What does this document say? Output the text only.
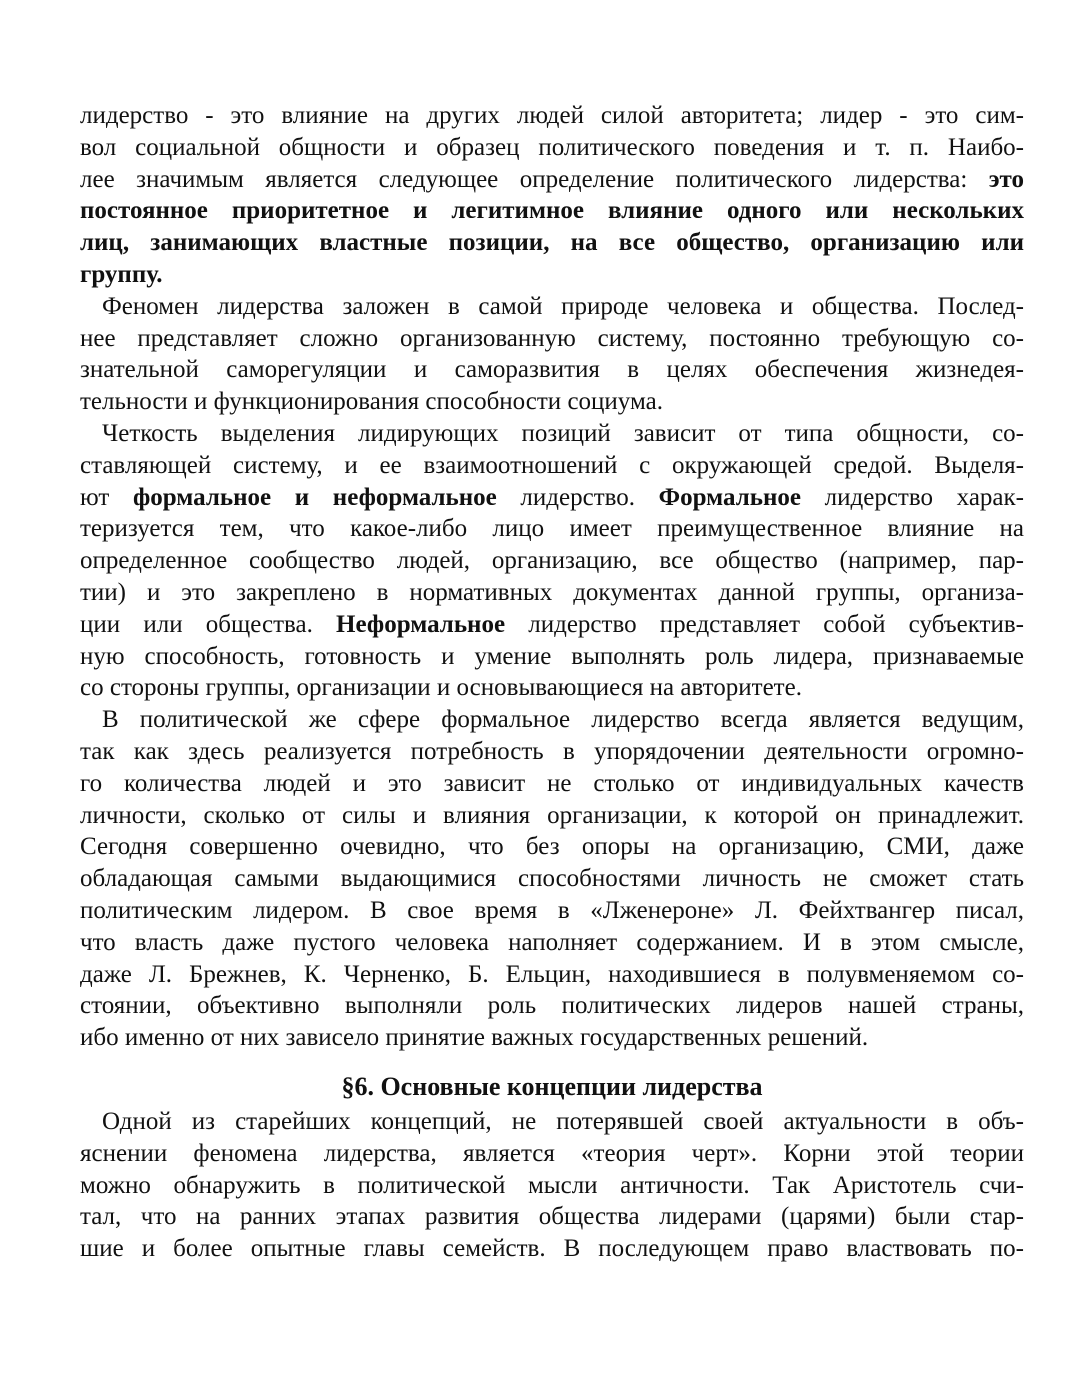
лидерство - это влияние на других людей силой авторитета; лидер - это сим-
вол социальной общности и образец политического поведения и т. п. Наибо-
лее значимым является следующее определение политического лидерства: это
постоянное приоритетное и легитимное влияние одного или нескольких
лиц, занимающих властные позиции, на все общество, организацию или
группу.
Феномен лидерства заложен в самой природе человека и общества. Послед-
нее представляет сложно организованную систему, постоянно требующую со-
знательной саморегуляции и саморазвития в целях обеспечения жизнедея-
тельности и функционирования способности социума.
Четкость выделения лидирующих позиций зависит от типа общности, со-
ставляющей систему, и ее взаимоотношений с окружающей средой. Выделя-
ют формальное и неформальное лидерство. Формальное лидерство харак-
теризуется тем, что какое-либо лицо имеет преимущественное влияние на
определенное сообщество людей, организацию, все общество (например, пар-
тии) и это закреплено в нормативных документах данной группы, организа-
ции или общества. Неформальное лидерство представляет собой субъектив-
ную способность, готовность и умение выполнять роль лидера, признаваемые
со стороны группы, организации и основывающиеся на авторитете.
В политической же сфере формальное лидерство всегда является ведущим,
так как здесь реализуется потребность в упорядочении деятельности огромно-
го количества людей и это зависит не столько от индивидуальных качеств
личности, сколько от силы и влияния организации, к которой он принадлежит.
Сегодня совершенно очевидно, что без опоры на организацию, СМИ, даже
обладающая самыми выдающимися способностями личность не сможет стать
политическим лидером. В свое время в «Лженероне» Л. Фейхтвангер писал,
что власть даже пустого человека наполняет содержанием. И в этом смысле,
даже Л. Брежнев, К. Черненко, Б. Ельцин, находившиеся в полувменяемом со-
стоянии, объективно выполняли роль политических лидеров нашей страны,
ибо именно от них зависело принятие важных государственных решений.
§6. Основные концепции лидерства
Одной из старейших концепций, не потерявшей своей актуальности в объ-
яснении феномена лидерства, является «теория черт». Корни этой теории
можно обнаружить в политической мысли античности. Так Аристотель счи-
тал, что на ранних этапах развития общества лидерами (царями) были стар-
шие и более опытные главы семейств. В последующем право властвовать по-
